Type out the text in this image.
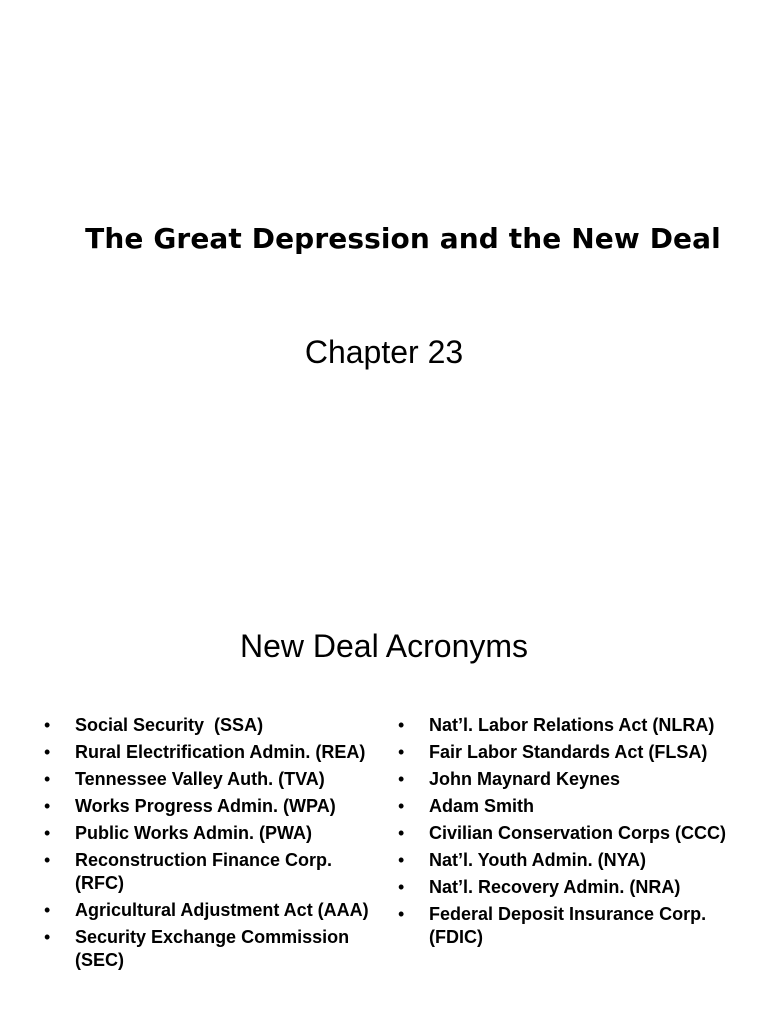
The Great Depression and the New Deal
Chapter 23
New Deal Acronyms
• Social Security  (SSA)
• Rural Electrification Admin. (REA)
• Tennessee Valley Auth. (TVA)
• Works Progress Admin. (WPA)
• Public Works Admin. (PWA)
• Reconstruction Finance Corp. (RFC)
• Agricultural Adjustment Act (AAA)
• Security Exchange Commission (SEC)
• Nat’l. Labor Relations Act (NLRA)
• Fair Labor Standards Act (FLSA)
• John Maynard Keynes
• Adam Smith
• Civilian Conservation Corps (CCC)
• Nat’l. Youth Admin. (NYA)
• Nat’l. Recovery Admin. (NRA)
• Federal Deposit Insurance Corp. (FDIC)
